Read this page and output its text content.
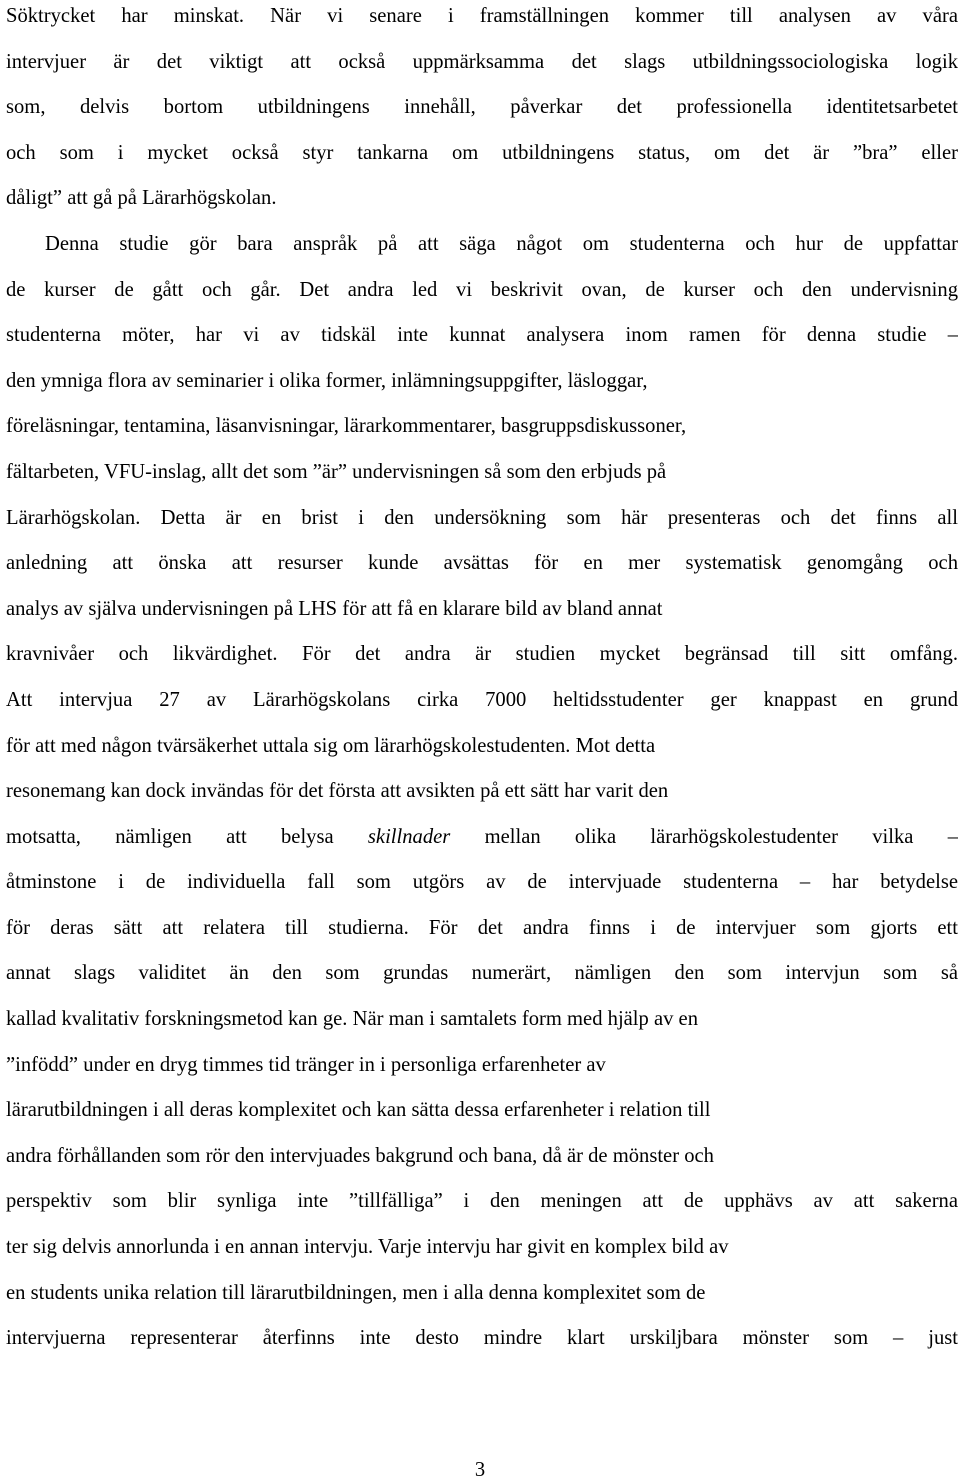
Söktrycket har minskat. När vi senare i framställningen kommer till analysen av våra
intervjuer är det viktigt att också uppmärksamma det slags utbildningssociologiska logik
som, delvis bortom utbildningens innehåll, påverkar det professionella identitetsarbetet
och som i mycket också styr tankarna om utbildningens status, om det är ”bra” eller
dåligt” att gå på Lärarhögskolan.
Denna studie gör bara anspråk på att säga något om studenterna och hur de uppfattar
de kurser de gått och går. Det andra led vi beskrivit ovan, de kurser och den undervisning
studenterna möter, har vi av tidskäl inte kunnat analysera inom ramen för denna studie –
den ymniga flora av seminarier i olika former, inlämningsuppgifter, läsloggar,
föreläsningar, tentamina, läsanvisningar, lärarkommentarer, basgruppsdiskussoner,
fältarbeten, VFU-inslag, allt det som ”är” undervisningen så som den erbjuds på
Lärarhögskolan. Detta är en brist i den undersökning som här presenteras och det finns all
anledning att önska att resurser kunde avsättas för en mer systematisk genomgång och
analys av själva undervisningen på LHS för att få en klarare bild av bland annat
kravnivåer och likvärdighet. För det andra är studien mycket begränsad till sitt omfång.
Att intervjua 27 av Lärarhögskolans cirka 7000 heltidsstudenter ger knappast en grund
för att med någon tvärsäkerhet uttala sig om lärarhögskolestudenten. Mot detta
resonemang kan dock invändas för det första att avsikten på ett sätt har varit den
motsatta, nämligen att belysa skillnader mellan olika lärarhögskolestudenter vilka –
åtminstone i de individuella fall som utgörs av de intervjuade studenterna – har betydelse
för deras sätt att relatera till studierna. För det andra finns i de intervjuer som gjorts ett
annat slags validitet än den som grundas numerärt, nämligen den som intervjun som så
kallad kvalitativ forskningsmetod kan ge. När man i samtalets form med hjälp av en
”infödd” under en dryg timmes tid tränger in i personliga erfarenheter av
lärarutbildningen i all deras komplexitet och kan sätta dessa erfarenheter i relation till
andra förhållanden som rör den intervjuades bakgrund och bana, då är de mönster och
perspektiv som blir synliga inte ”tillfälliga” i den meningen att de upphävs av att sakerna
ter sig delvis annorlunda i en annan intervju. Varje intervju har givit en komplex bild av
en students unika relation till lärarutbildningen, men i alla denna komplexitet som de
intervjuerna representerar återfinns inte desto mindre klart urskiljbara mönster som – just
3
